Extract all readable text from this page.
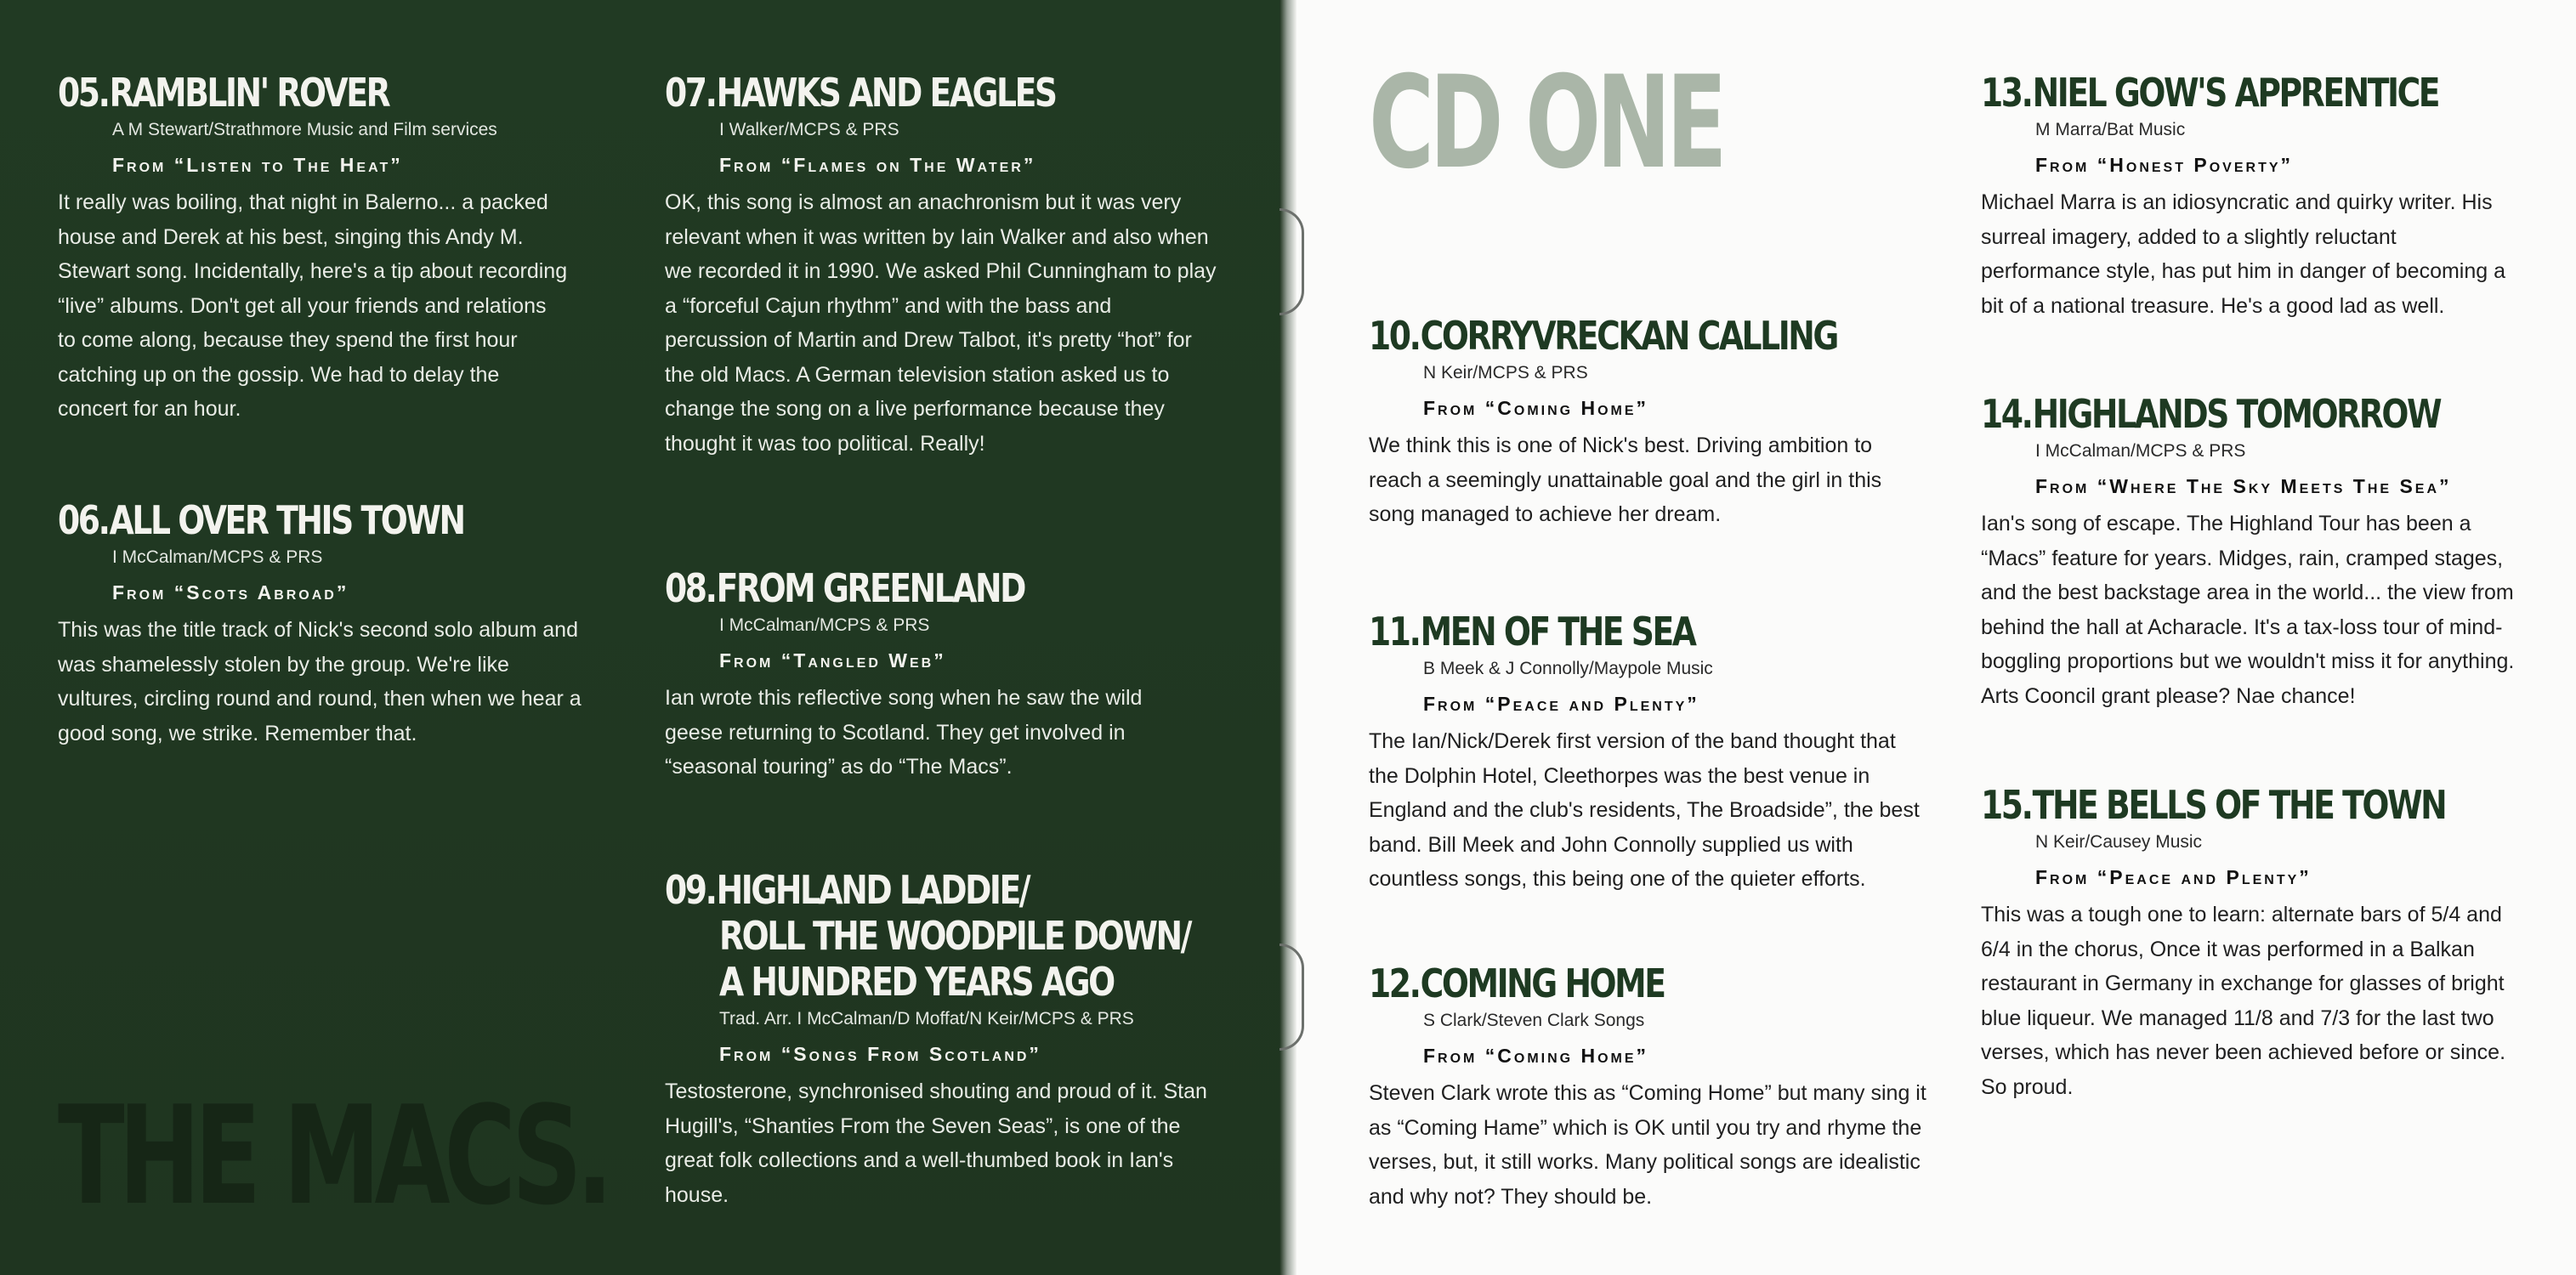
05.RAMBLIN' ROVER
A M Stewart/Strathmore Music and Film services
From “Listen to The Heat”
It really was boiling, that night in Balerno... a packed house and Derek at his best, singing this Andy M. Stewart song. Incidentally, here's a tip about recording “live” albums. Don't get all your friends and relations to come along, because they spend the first hour catching up on the gossip. We had to delay the concert for an hour.
06.ALL OVER THIS TOWN
I McCalman/MCPS & PRS
From “Scots Abroad”
This was the title track of Nick's second solo album and was shamelessly stolen by the group. We're like vultures, circling round and round, then when we hear a good song, we strike. Remember that.
07.HAWKS AND EAGLES
I Walker/MCPS & PRS
From “Flames on The Water”
OK, this song is almost an anachronism but it was very relevant when it was written by Iain Walker and also when we recorded it in 1990. We asked Phil Cunningham to play a “forceful Cajun rhythm” and with the bass and percussion of Martin and Drew Talbot, it's pretty “hot” for the old Macs. A German television station asked us to change the song on a live performance because they thought it was too political. Really!
08.FROM GREENLAND
I McCalman/MCPS & PRS
From “Tangled Web”
Ian wrote this reflective song when he saw the wild geese returning to Scotland. They get involved in “seasonal touring” as do “The Macs”.
09.HIGHLAND LADDIE/
ROLL THE WOODPILE DOWN/
A HUNDRED YEARS AGO
Trad. Arr. I McCalman/D Moffat/N Keir/MCPS & PRS
From “Songs From Scotland”
Testosterone, synchronised shouting and proud of it. Stan Hugill's, “Shanties From the Seven Seas”, is one of the great folk collections and a well-thumbed book in Ian's house.
THE MACS.
CD ONE
10.CORRYVRECKAN CALLING
N Keir/MCPS & PRS
From “Coming Home”
We think this is one of Nick's best. Driving ambition to reach a seemingly unattainable goal and the girl in this song managed to achieve her dream.
11.MEN OF THE SEA
B Meek & J Connolly/Maypole Music
From “Peace and Plenty”
The Ian/Nick/Derek first version of the band thought that the Dolphin Hotel, Cleethorpes was the best venue in England and the club's residents, The Broadside”, the best band. Bill Meek and John Connolly supplied us with countless songs, this being one of the quieter efforts.
12.COMING HOME
S Clark/Steven Clark Songs
From “Coming Home”
Steven Clark wrote this as “Coming Home” but many sing it as “Coming Hame” which is OK until you try and rhyme the verses, but, it still works. Many political songs are idealistic and why not? They should be.
13.NIEL GOW'S APPRENTICE
M Marra/Bat Music
From “Honest Poverty”
Michael Marra is an idiosyncratic and quirky writer. His surreal imagery, added to a slightly reluctant performance style, has put him in danger of becoming a bit of a national treasure. He's a good lad as well.
14.HIGHLANDS TOMORROW
I McCalman/MCPS & PRS
From “Where The Sky Meets The Sea”
Ian's song of escape. The Highland Tour has been a “Macs” feature for years. Midges, rain, cramped stages, and the best backstage area in the world... the view from behind the hall at Acharacle. It's a tax-loss tour of mind-boggling proportions but we wouldn't miss it for anything. Arts Cooncil grant please? Nae chance!
15.THE BELLS OF THE TOWN
N Keir/Causey Music
From “Peace and Plenty”
This was a tough one to learn: alternate bars of 5/4 and 6/4 in the chorus, Once it was performed in a Balkan restaurant in Germany in exchange for glasses of bright blue liqueur. We managed 11/8 and 7/3 for the last two verses, which has never been achieved before or since. So proud.
